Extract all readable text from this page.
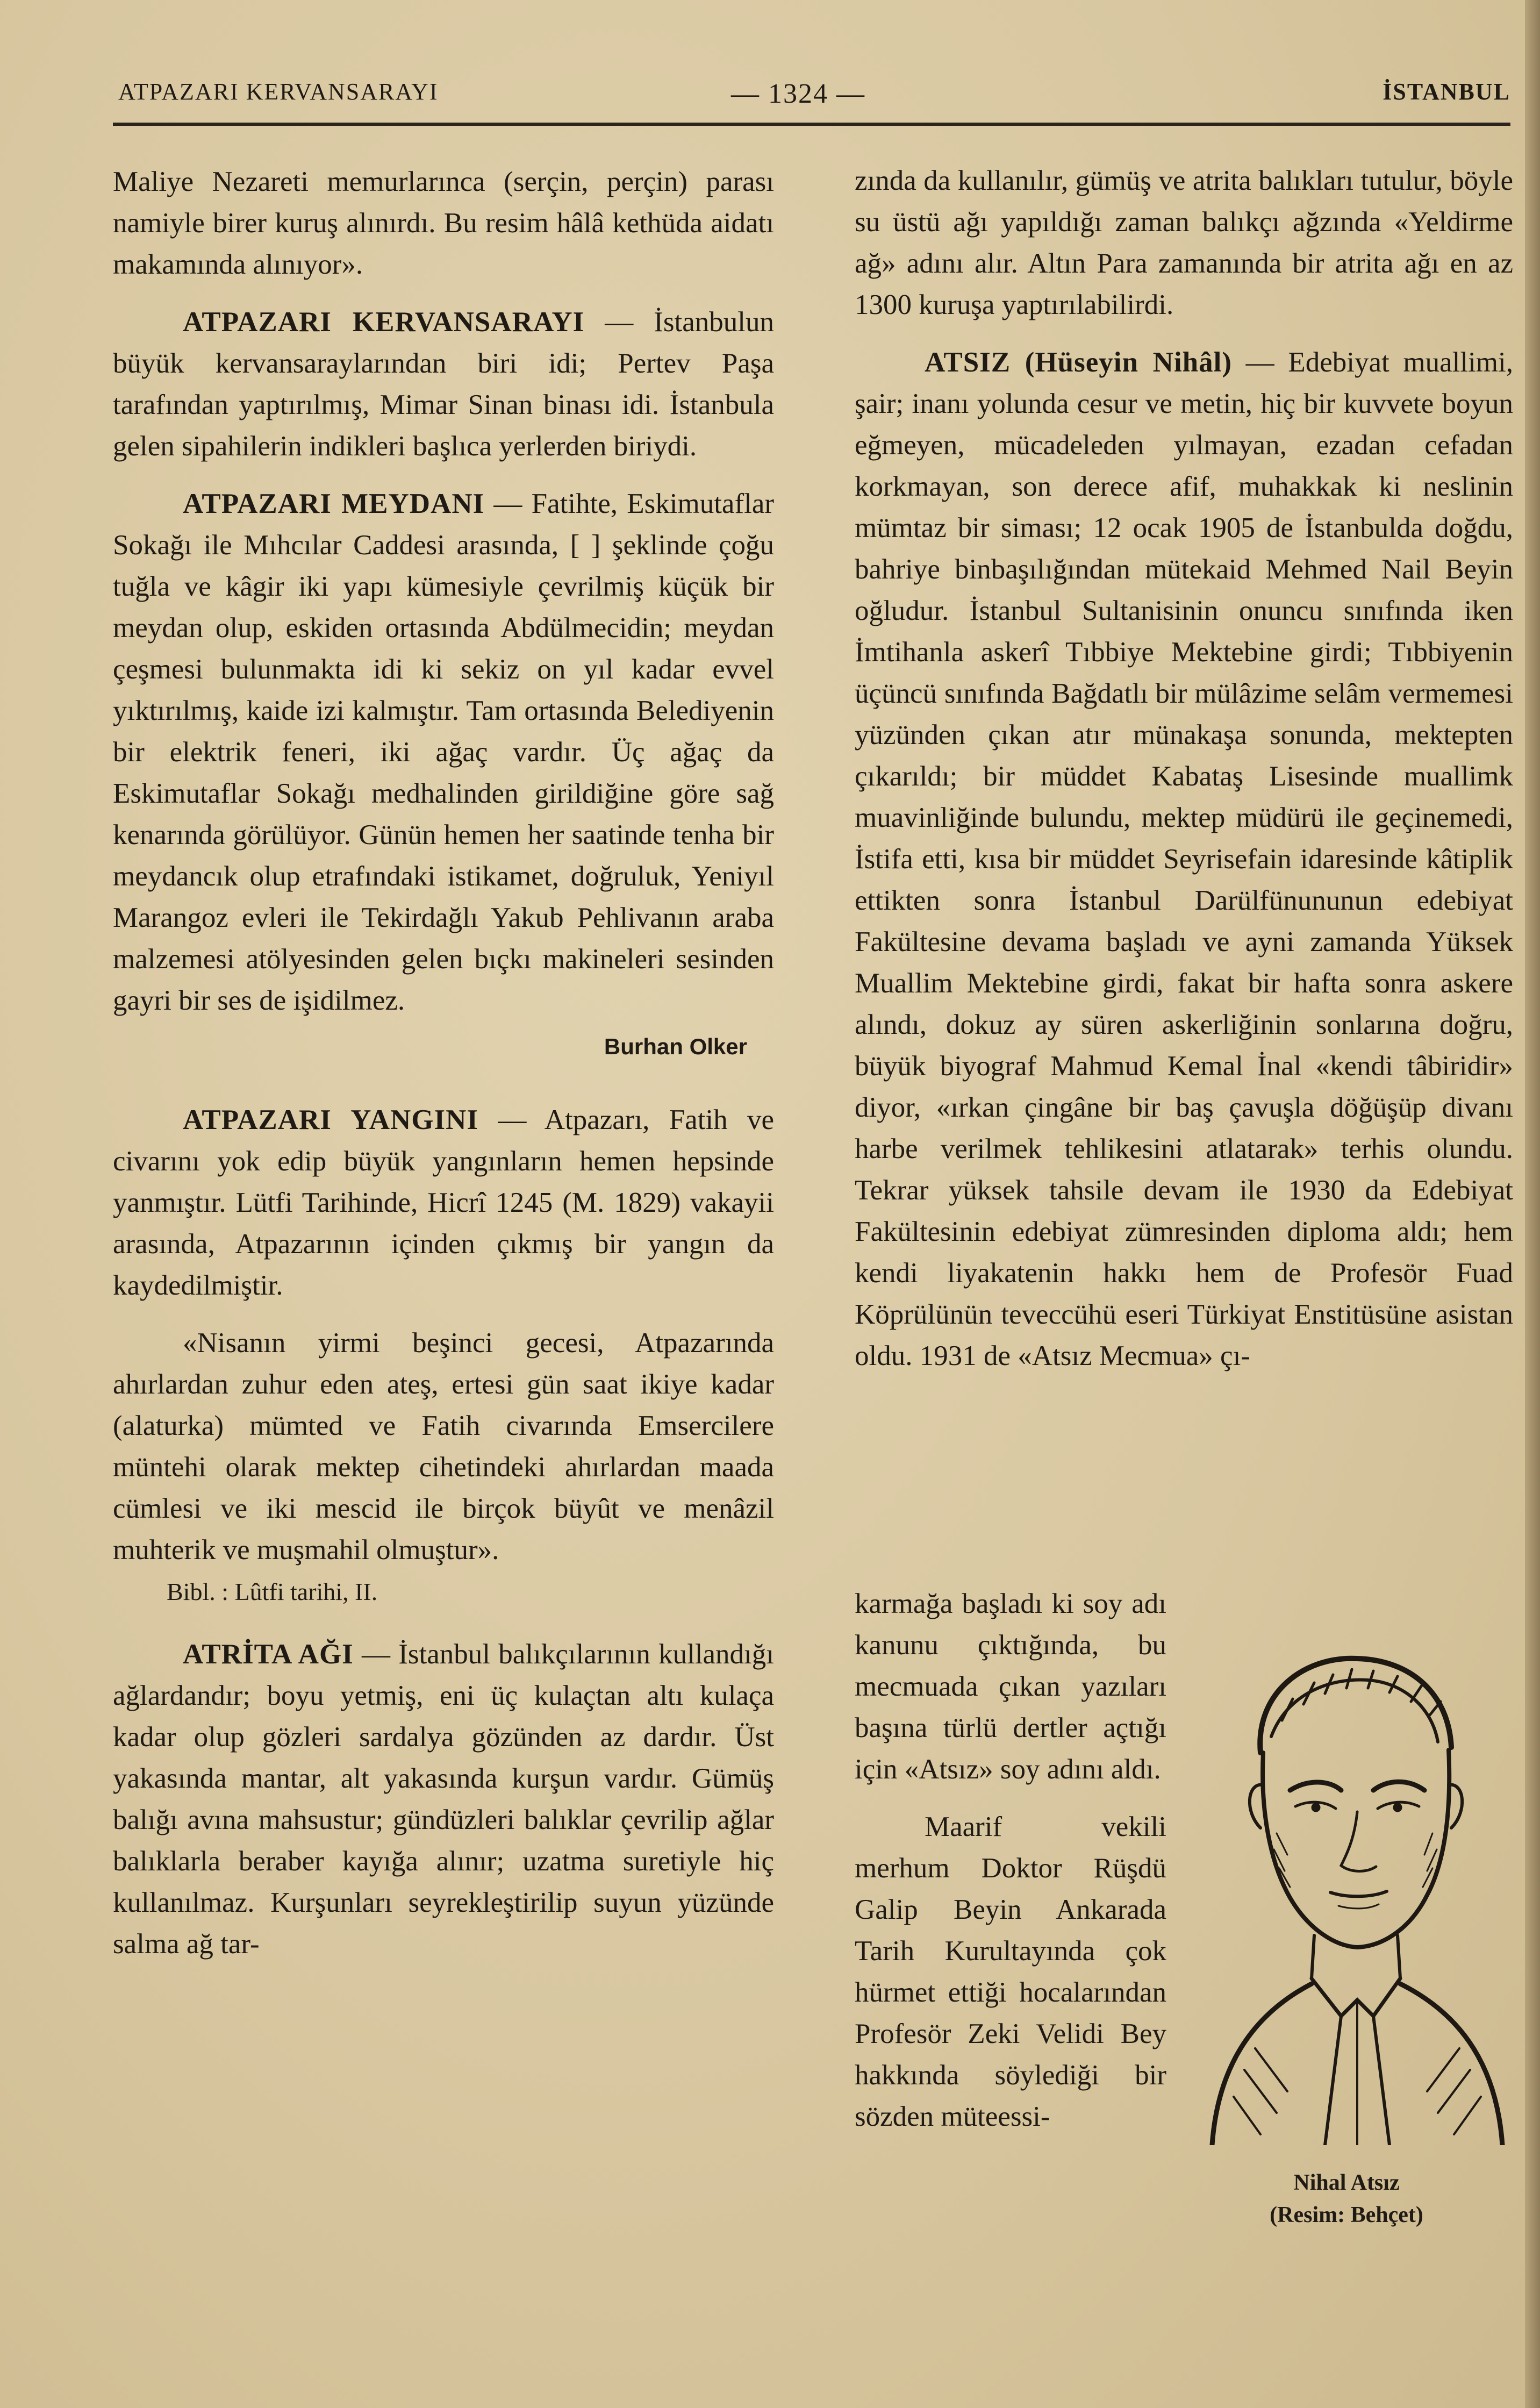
ATPAZARI KERVANSARAYI	— 1324 —	İSTANBUL

Maliye Nezareti memurlarınca (serçin, perçin) parası namiyle birer kuruş alınırdı. Bu resim hâlâ kethüda aidatı makamında alınıyor».

ATPAZARI KERVANSARAYI — İstanbulun büyük kervansaraylarından biri idi; Pertev Paşa tarafından yaptırılmış, Mimar Sinan binası idi. İstanbula gelen sipahilerin indikleri başlıca yerlerden biriydi.

ATPAZARI MEYDANI — Fatihte, Eskimutaflar Sokağı ile Mıhcılar Caddesi arasında, [ ] şeklinde çoğu tuğla ve kâgir iki yapı kümesiyle çevrilmiş küçük bir meydan olup, eskiden ortasında Abdülmecidin; meydan çeşmesi bulunmakta idi ki sekiz on yıl kadar evvel yıktırılmış, kaide izi kalmıştır. Tam ortasında Belediyenin bir elektrik feneri, iki ağaç vardır. Üç ağaç da Eskimutaflar Sokağı medhalinden girildiğine göre sağ kenarında görülüyor. Günün hemen her saatinde tenha bir meydancık olup etrafındaki istikamet, doğruluk, Yeniyıl Marangoz evleri ile Tekirdağlı Yakub Pehlivanın araba malzemesi atölyesinden gelen bıçkı makineleri sesinden gayri bir ses de işidilmez.

Burhan Olker

ATPAZARI YANGINI — Atpazarı, Fatih ve civarını yok edip büyük yangınların hemen hepsinde yanmıştır. Lütfi Tarihinde, Hicrî 1245 (M. 1829) vakayii arasında, Atpazarının içinden çıkmış bir yangın da kaydedilmiştir.

«Nisanın yirmi beşinci gecesi, Atpazarında ahırlardan zuhur eden ateş, ertesi gün saat ikiye kadar (alaturka) mümted ve Fatih civarında Emsercilere müntehi olarak mektep cihetindeki ahırlardan maada cümlesi ve iki mescid ile birçok büyût ve menâzil muhterik ve muşmahil olmuştur».

Bibl. : Lûtfi tarihi, II.

ATRİTA AĞI — İstanbul balıkçılarının kullandığı ağlardandır; boyu yetmiş, eni üç kulaçtan altı kulaça kadar olup gözleri sardalya gözünden az dardır. Üst yakasında mantar, alt yakasında kurşun vardır. Gümüş balığı avına mahsustur; gündüzleri balıklar çevrilip ağlar balıklarla beraber kayığa alınır; uzatma suretiyle hiç kullanılmaz. Kurşunları seyrekleştirilip suyun yüzünde salma ağ tar-

zında da kullanılır, gümüş ve atrita balıkları tutulur, böyle su üstü ağı yapıldığı zaman balıkçı ağzında «Yeldirme ağ» adını alır. Altın Para zamanında bir atrita ağı en az 1300 kuruşa yaptırılabilirdi.

ATSIZ (Hüseyin Nihâl) — Edebiyat muallimi, şair; inanı yolunda cesur ve metin, hiç bir kuvvete boyun eğmeyen, mücadeleden yılmayan, ezadan cefadan korkmayan, son derece afif, muhakkak ki neslinin mümtaz bir siması; 12 ocak 1905 de İstanbulda doğdu, bahriye binbaşılığından mütekaid Mehmed Nail Beyin oğludur. İstanbul Sultanisinin onuncu sınıfında iken İmtihanla askerî Tıbbiye Mektebine girdi; Tıbbiyenin üçüncü sınıfında Bağdatlı bir mülâzime selâm vermemesi yüzünden çıkan atır münakaşa sonunda, mektepten çıkarıldı; bir müddet Kabataş Lisesinde muallimk muavinliğinde bulundu, mektep müdürü ile geçinemedi, İstifa etti, kısa bir müddet Seyrisefain idaresinde kâtiplik ettikten sonra İstanbul Darülfünununun edebiyat Fakültesine devama başladı ve ayni zamanda Yüksek Muallim Mektebine girdi, fakat bir hafta sonra askere alındı, dokuz ay süren askerliğinin sonlarına doğru, büyük biyograf Mahmud Kemal İnal «kendi tâbiridir» diyor, «ırkan çingâne bir baş çavuşla döğüşüp divanı harbe verilmek tehlikesini atlatarak» terhis olundu. Tekrar yüksek tahsile devam ile 1930 da Edebiyat Fakültesinin edebiyat zümresinden diploma aldı; hem kendi liyakatenin hakkı hem de Profesör Fuad Köprülünün teveccühü eseri Türkiyat Enstitüsüne asistan oldu. 1931 de «Atsız Mecmua» çı-

karmağa başladı ki soy adı kanunu çıktığında, bu mecmuada çıkan yazıları başına türlü dertler açtığı için «Atsız» soy adını aldı.

Maarif vekili merhum Doktor Rüşdü Galip Beyin Ankarada Tarih Kurultayında çok hürmet ettiği hocalarından Profesör Zeki Velidi Bey hakkında söylediği bir sözden müteessi-

Nihal Atsız
(Resim: Behçet)
